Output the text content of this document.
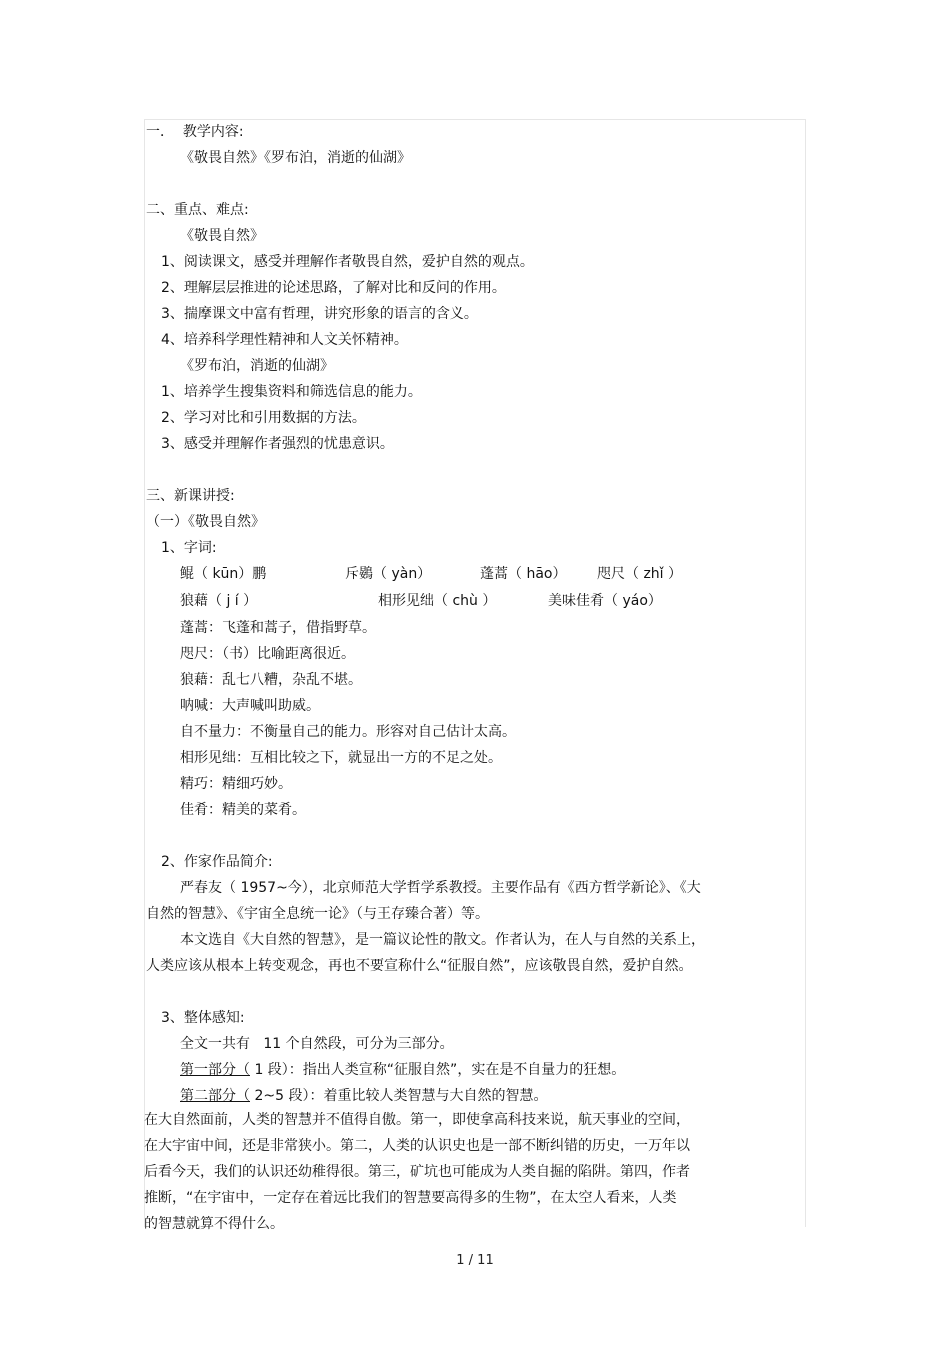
一．  教学内容:
《敬畏自然》《罗布泊，消逝的仙湖》
二、重点、难点:
《敬畏自然》
1、阅读课文，感受并理解作者敬畏自然，爱护自然的观点。
2、理解层层推进的论述思路，了解对比和反问的作用。
3、揣摩课文中富有哲理，讲究形象的语言的含义。
4、培养科学理性精神和人文关怀精神。
《罗布泊，消逝的仙湖》
1、培养学生搜集资料和筛选信息的能力。
2、学习对比和引用数据的方法。
3、感受并理解作者强烈的忧患意识。
三、新课讲授:
（一）《敬畏自然》
1、字词:
鲲（ kūn）鹏	斥鷃（ yàn）	蓬蒿（ hāo） 咫尺（ zhǐ ）
狼藉（ j í ）	相形见绌（ chù ）	美味佳肴（ yáo）
蓬蒿：飞蓬和蒿子，借指野草。
咫尺：（书）比喻距离很近。
狼藉：乱七八糟，杂乱不堪。
呐喊：大声喊叫助威。
自不量力：不衡量自己的能力。形容对自己估计太高。
相形见绌：互相比较之下，就显出一方的不足之处。
精巧：精细巧妙。
佳肴：精美的菜肴。
2、作家作品简介:
严春友（ 1957~今），北京师范大学哲学系教授。主要作品有《西方哲学新论》、《大
自然的智慧》、《宇宙全息统一论》（与王存臻合著）等。
本文选自《大自然的智慧》，是一篇议论性的散文。作者认为，在人与自然的关系上，
人类应该从根本上转变观念，再也不要宣称什么“征服自然”，应该敬畏自然，爱护自然。
3、整体感知:
全文一共有   11 个自然段，可分为三部分。
第一部分（ 1 段）：指出人类宣称“征服自然”，实在是不自量力的狂想。
第二部分（ 2~5 段）：着重比较人类智慧与大自然的智慧。
在大自然面前，人类的智慧并不值得自傲。第一，即使拿高科技来说，航天事业的空间，
在大宇宙中间，还是非常狭小。第二，人类的认识史也是一部不断纠错的历史，一万年以
后看今天，我们的认识还幼稚得很。第三，矿坑也可能成为人类自掘的陷阱。第四，作者
推断，“在宇宙中，一定存在着远比我们的智慧要高得多的生物”，在太空人看来，人类
的智慧就算不得什么。
1 / 11
